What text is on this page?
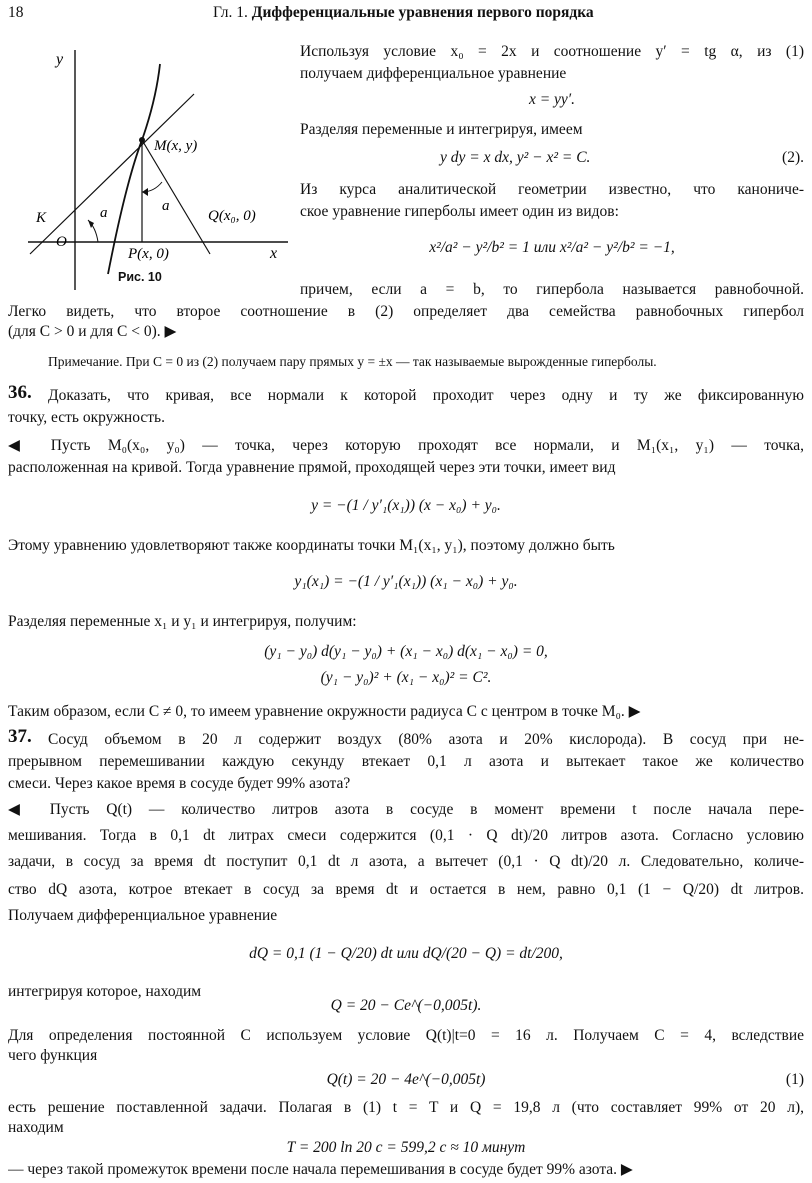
18	Гл. 1. Дифференциальные уравнения первого порядка
y
x
M(x, y)
K
O
a	a
Q(x₀, 0)
P(x, 0)
Рис. 10
Используя условие x₀ = 2x и соотношение y′ = tg α, из (1)
получаем дифференциальное уравнение
x = yy′.
Разделяя переменные и интегрируя, имеем
y dy = x dx, y² − x² = C.	(2).
Из курса аналитической геометрии известно, что канониче-
ское уравнение гиперболы имеет один из видов:
x²/a² − y²/b² = 1 или x²/a² − y²/b² = −1,
причем, если a = b, то гипербола называется равнобочной.
Легко видеть, что второе соотношение в (2) определяет два семейства равнобочных гипербол
(для C > 0 и для C < 0). ▶
Примечание. При C = 0 из (2) получаем пару прямых y = ±x — так называемые вырожденные гиперболы.
Доказать, что кривая, все нормали к которой проходит через одну и ту же фиксированную
36.
точку, есть окружность.
◀ Пусть M₀(x₀, y₀) — точка, через которую проходят все нормали, и M₁(x₁, y₁) — точка,
расположенная на кривой. Тогда уравнение прямой, проходящей через эти точки, имеет вид
y = −(1 / y′₁(x₁)) (x − x₀) + y₀.
Этому уравнению удовлетворяют также координаты точки M₁(x₁, y₁), поэтому должно быть
y₁(x₁) = −(1 / y′₁(x₁)) (x₁ − x₀) + y₀.
Разделяя переменные x₁ и y₁ и интегрируя, получим:
(y₁ − y₀) d(y₁ − y₀) + (x₁ − x₀) d(x₁ − x₀) = 0,
(y₁ − y₀)² + (x₁ − x₀)² = C².
Таким образом, если C ≠ 0, то имеем уравнение окружности радиуса C с центром в точке M₀. ▶
Сосуд объемом в 20 л содержит воздух (80% азота и 20% кислорода). В сосуд при не-
37.
прерывном перемешивании каждую секунду втекает 0,1 л азота и вытекает такое же количество
смеси. Через какое время в сосуде будет 99% азота?
◀ Пусть Q(t) — количество литров азота в сосуде в момент времени t после начала пере-
мешивания. Тогда в 0,1 dt литрах смеси содержится (0,1 · Q dt)/20 литров азота. Согласно условию
задачи, в сосуд за время dt поступит 0,1 dt л азота, а вытечет (0,1 · Q dt)/20 л. Следовательно, количе-
ство dQ азота, котрое втекает в сосуд за время dt и остается в нем, равно 0,1 (1 − Q/20) dt литров.
Получаем дифференциальное уравнение
dQ = 0,1 (1 − Q/20) dt или dQ/(20 − Q) = dt/200,
интегрируя которое, находим
Q = 20 − Ce^(−0,005t).
Для определения постоянной C используем условие Q(t)|t=0 = 16 л. Получаем C = 4, вследствие
чего функция
Q(t) = 20 − 4e^(−0,005t)	(1)
есть решение поставленной задачи. Полагая в (1) t = T и Q = 19,8 л (что составляет 99% от 20 л),
находим
T = 200 ln 20 c = 599,2 c ≈ 10 минут
— через такой промежуток времени после начала перемешивания в сосуде будет 99% азота. ▶
